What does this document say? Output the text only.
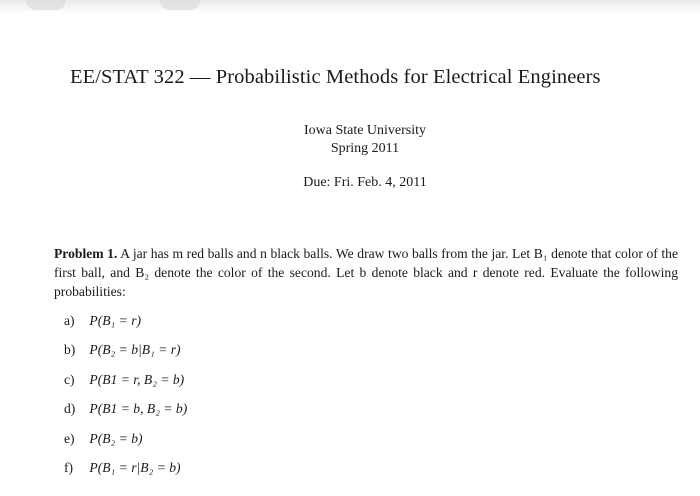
EE/STAT 322 — Probabilistic Methods for Electrical Engineers
Iowa State University
Spring 2011
Due: Fri. Feb. 4, 2011
Problem 1. A jar has m red balls and n black balls. We draw two balls from the jar. Let B₁ denote that color of the first ball, and B₂ denote the color of the second. Let b denote black and r denote red. Evaluate the following probabilities:
a) P(B₁ = r)
b) P(B₂ = b|B₁ = r)
c) P(B1 = r, B₂ = b)
d) P(B1 = b, B₂ = b)
e) P(B₂ = b)
f) P(B₁ = r|B₂ = b)
